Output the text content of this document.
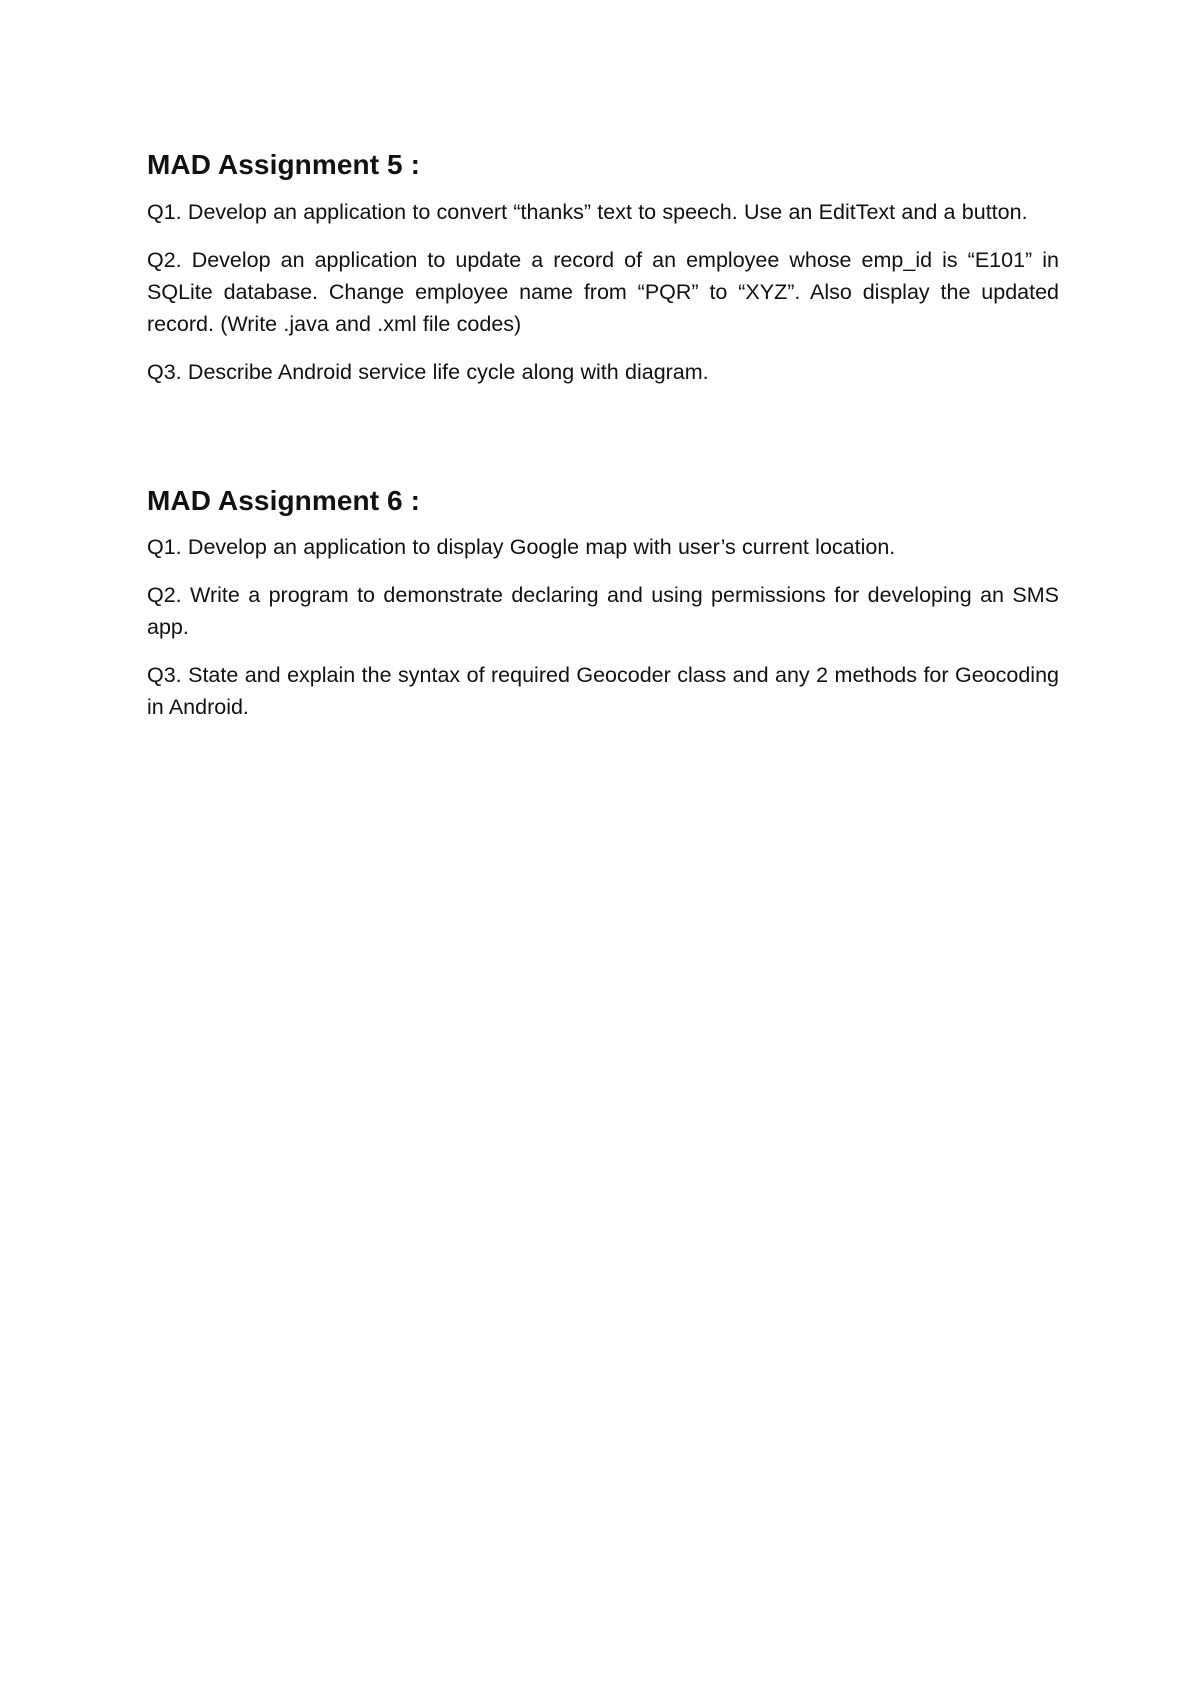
MAD Assignment 5 :

Q1. Develop an application to convert “thanks” text to speech. Use an EditText and a button.

Q2. Develop an application to update a record of an employee whose emp_id is “E101” in SQLite database. Change employee name from “PQR” to “XYZ”. Also display the updated record. (Write .java and .xml file codes)

Q3. Describe Android service life cycle along with diagram.

MAD Assignment 6 :

Q1. Develop an application to display Google map with user’s current location.

Q2. Write a program to demonstrate declaring and using permissions for developing an SMS app.

Q3. State and explain the syntax of required Geocoder class and any 2 methods for Geocoding in Android.
